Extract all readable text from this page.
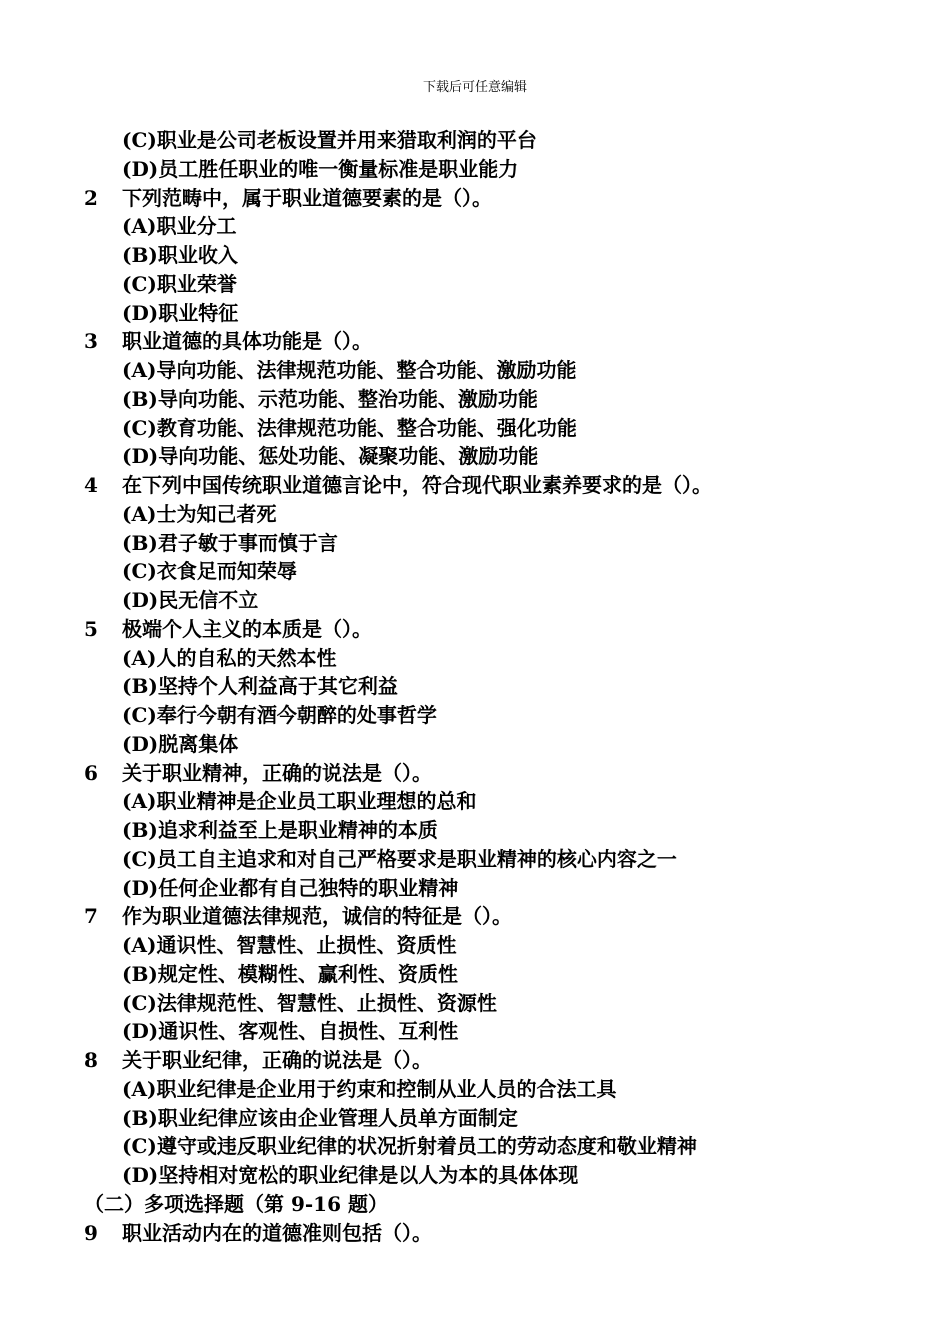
下载后可任意编辑
(C)职业是公司老板设置并用来猎取利润的平台
(D)员工胜任职业的唯一衡量标准是职业能力
2 下列范畴中，属于职业道德要素的是（）。
(A)职业分工
(B)职业收入
(C)职业荣誉
(D)职业特征
3 职业道德的具体功能是（）。
(A)导向功能、法律规范功能、整合功能、激励功能
(B)导向功能、示范功能、整治功能、激励功能
(C)教育功能、法律规范功能、整合功能、强化功能
(D)导向功能、惩处功能、凝聚功能、激励功能
4 在下列中国传统职业道德言论中，符合现代职业素养要求的是（）。
(A)士为知己者死
(B)君子敏于事而慎于言
(C)衣食足而知荣辱
(D)民无信不立
5 极端个人主义的本质是（）。
(A)人的自私的天然本性
(B)坚持个人利益高于其它利益
(C)奉行今朝有酒今朝醉的处事哲学
(D)脱离集体
6 关于职业精神，正确的说法是（）。
(A)职业精神是企业员工职业理想的总和
(B)追求利益至上是职业精神的本质
(C)员工自主追求和对自己严格要求是职业精神的核心内容之一
(D)任何企业都有自己独特的职业精神
7 作为职业道德法律规范，诚信的特征是（）。
(A)通识性、智慧性、止损性、资质性
(B)规定性、模糊性、赢利性、资质性
(C)法律规范性、智慧性、止损性、资源性
(D)通识性、客观性、自损性、互利性
8 关于职业纪律，正确的说法是（）。
(A)职业纪律是企业用于约束和控制从业人员的合法工具
(B)职业纪律应该由企业管理人员单方面制定
(C)遵守或违反职业纪律的状况折射着员工的劳动态度和敬业精神
(D)坚持相对宽松的职业纪律是以人为本的具体体现
（二）多项选择题（第 9-16 题）
9 职业活动内在的道德准则包括（）。
